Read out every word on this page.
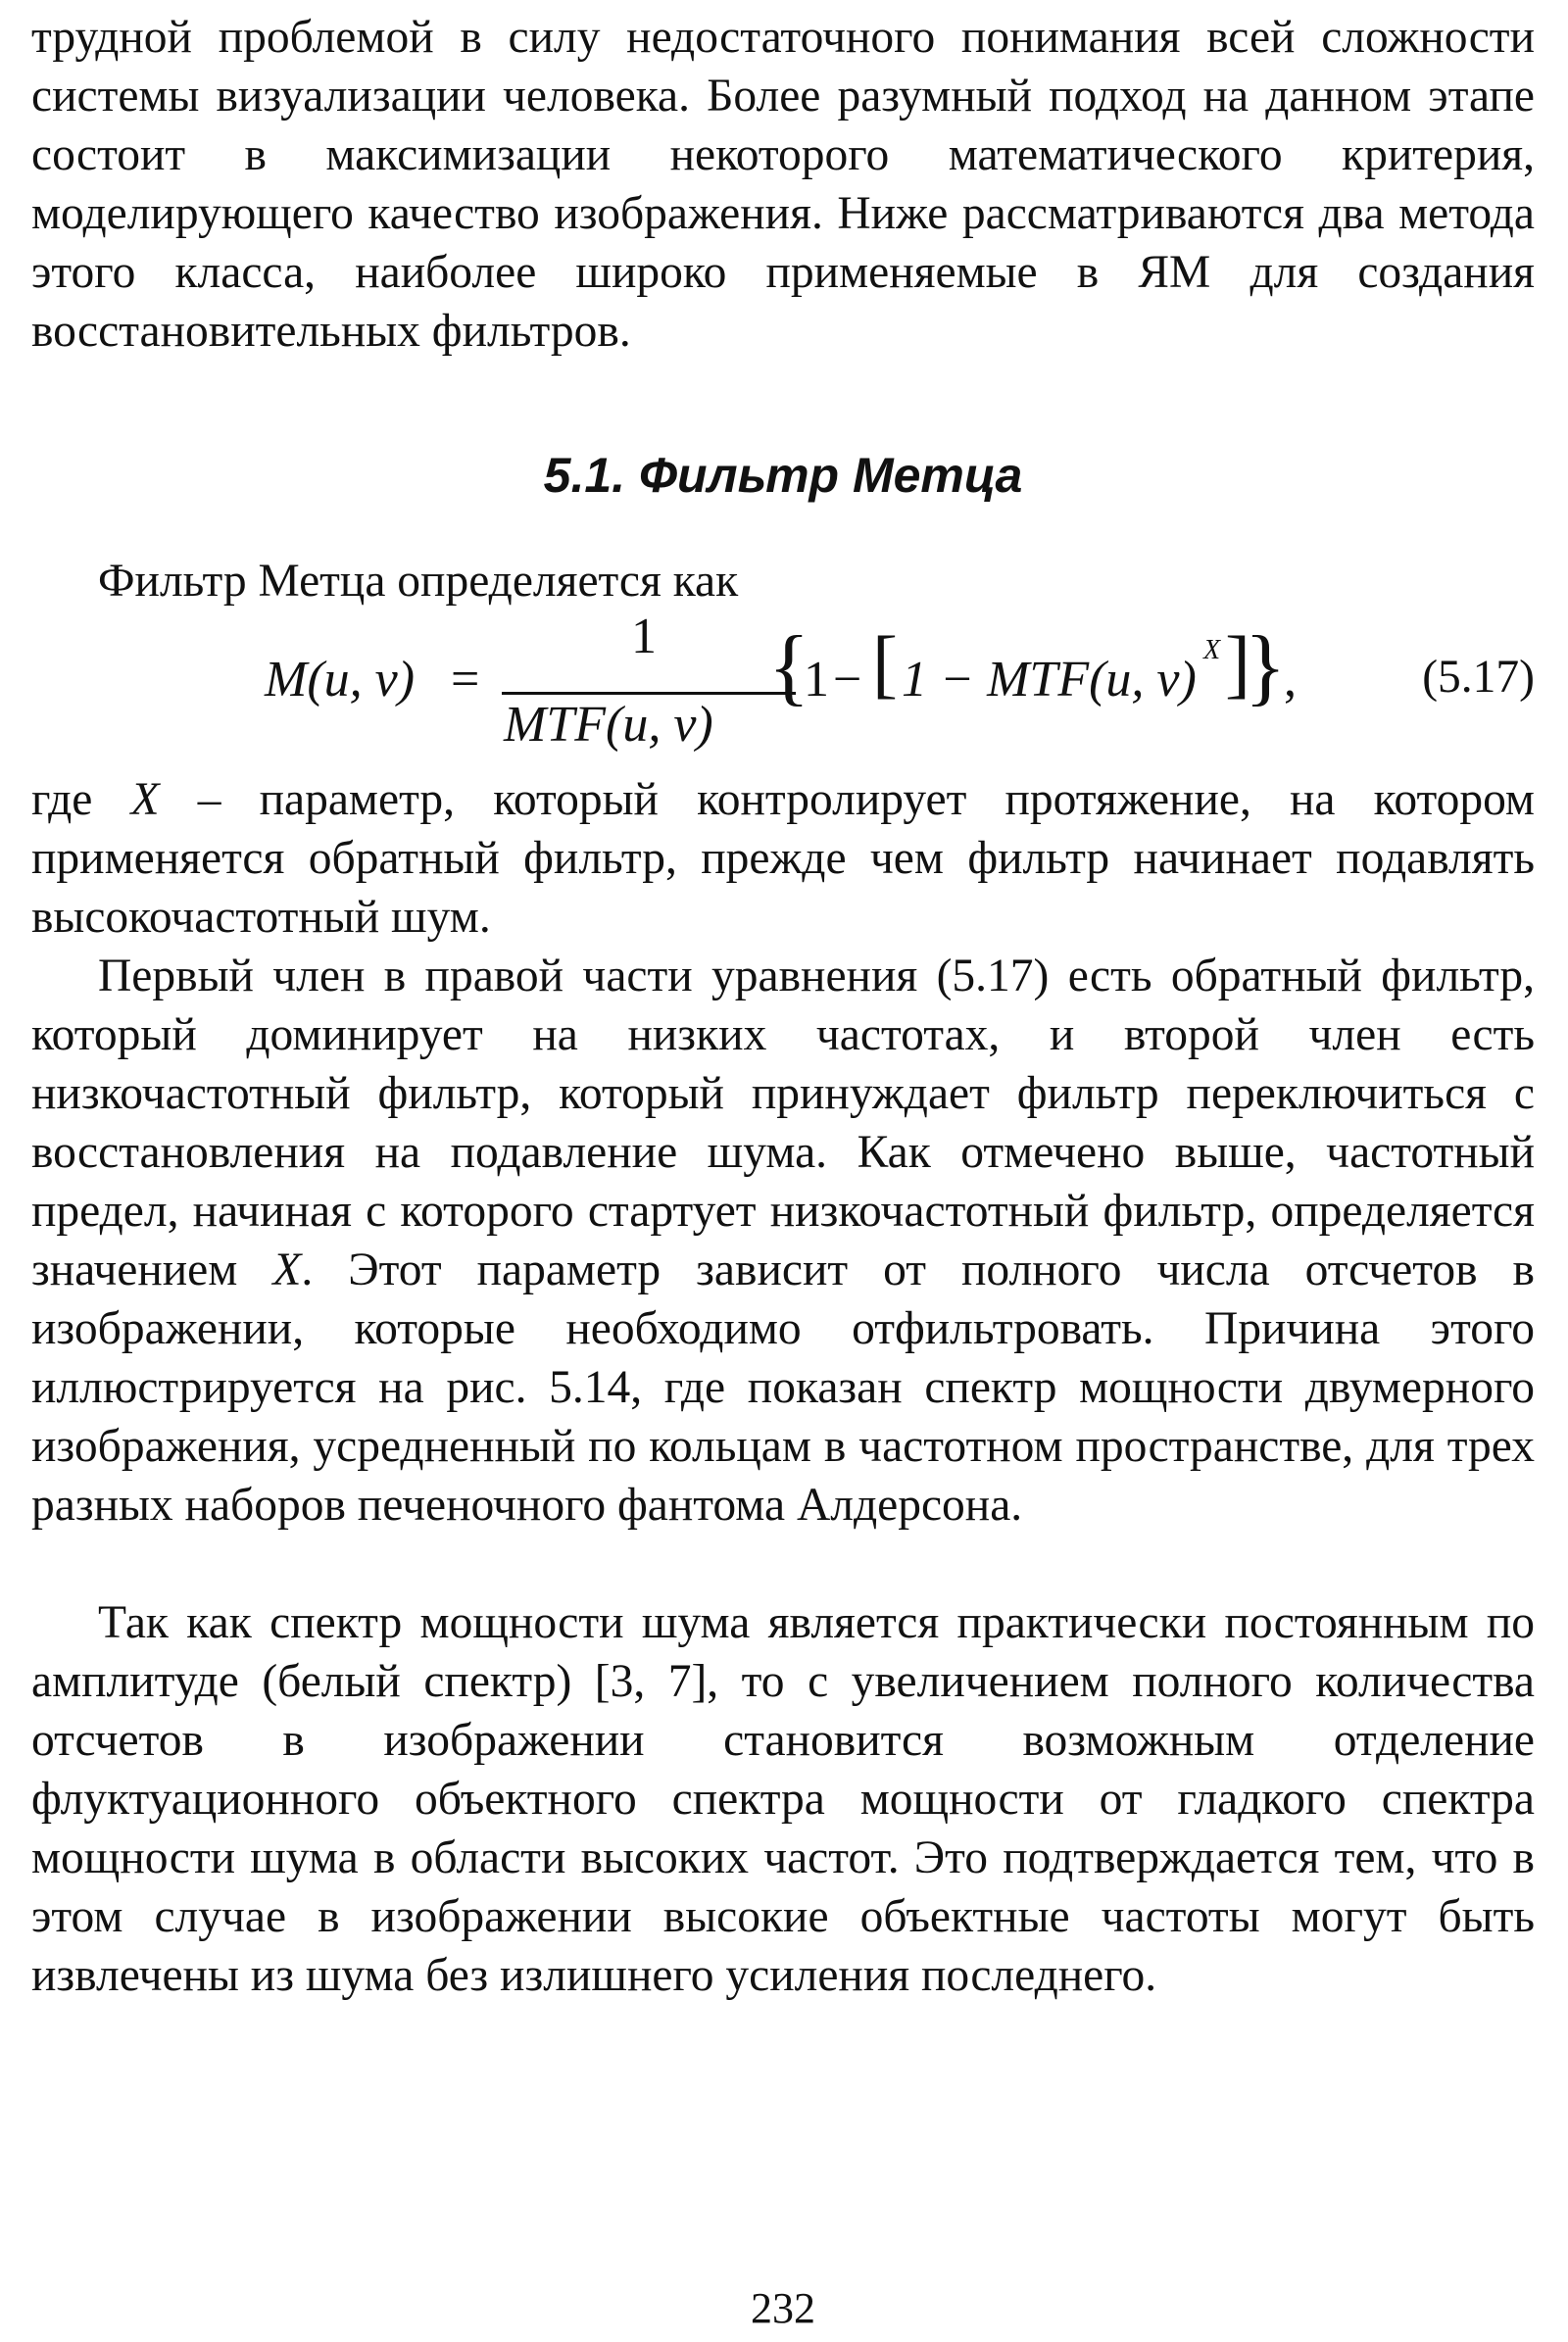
трудной проблемой в силу недостаточного понимания всей сложности системы визуализации человека. Более разумный подход на данном этапе состоит в максимизации некоторого математического критерия, моделирующего качество изображения. Ниже рассматриваются два метода этого класса, наиболее широко применяемые в ЯМ для создания восстановительных фильтров.

5.1. Фильтр Метца

Фильтр Метца определяется как

M(u, v) =
1
MTF(u, v)
{
1 − [ 1 − MTF(u, v)
X ]
}
,	(5.17)

где X – параметр, который контролирует протяжение, на котором применяется обратный фильтр, прежде чем фильтр начинает подавлять высокочастотный шум.

Первый член в правой части уравнения (5.17) есть обратный фильтр, который доминирует на низких частотах, и второй член есть низкочастотный фильтр, который принуждает фильтр переключиться с восстановления на подавление шума. Как отмечено выше, частотный предел, начиная с которого стартует низкочастотный фильтр, определяется значением X. Этот параметр зависит от полного числа отсчетов в изображении, которые необходимо отфильтровать. Причина этого иллюстрируется на рис. 5.14, где показан спектр мощности двумерного изображения, усредненный по кольцам в частотном пространстве, для трех разных наборов печеночного фантома Алдерсона.

Так как спектр мощности шума является практически постоянным по амплитуде (белый спектр) [3, 7], то с увеличением полного количества отсчетов в изображении становится возможным отделение флуктуационного объектного спектра мощности от гладкого спектра мощности шума в области высоких частот. Это подтверждается тем, что в этом случае в изображении высокие объектные частоты могут быть извлечены из шума без излишнего усиления последнего.

232
